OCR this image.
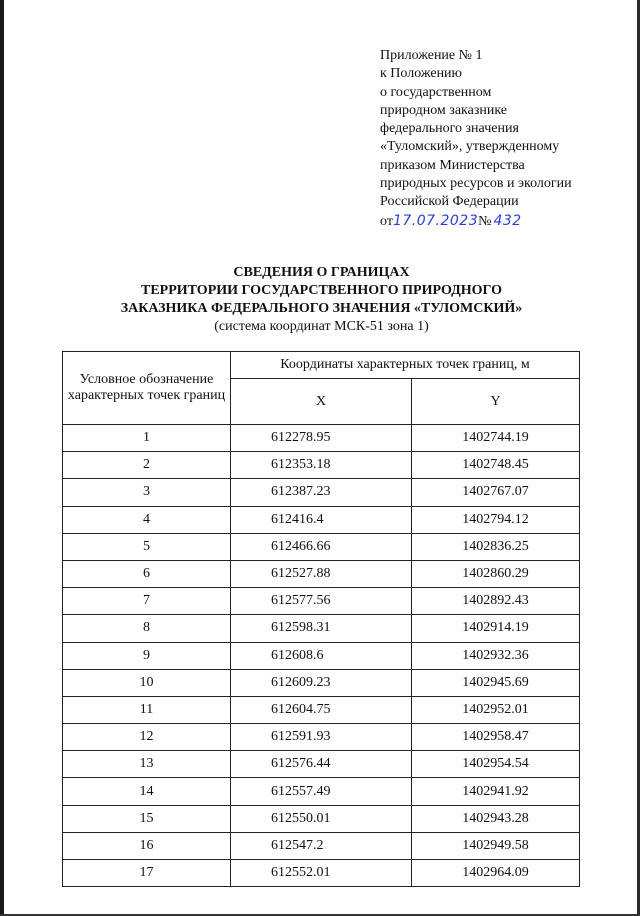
Приложение № 1
к Положению
о государственном
природном заказнике
федерального значения
«Туломский», утвержденному
приказом Министерства
природных ресурсов и экологии
Российской Федерации
от 17.07.2023 № 432
СВЕДЕНИЯ О ГРАНИЦАХ
ТЕРРИТОРИИ ГОСУДАРСТВЕННОГО ПРИРОДНОГО
ЗАКАЗНИКА ФЕДЕРАЛЬНОГО ЗНАЧЕНИЯ «ТУЛОМСКИЙ»
(система координат МСК-51 зона 1)
Условное обозначение характерных точек границ	Координаты характерных точек границ, м	
	X	Y
1	612278.95	1402744.19
2	612353.18	1402748.45
3	612387.23	1402767.07
4	612416.4	1402794.12
5	612466.66	1402836.25
6	612527.88	1402860.29
7	612577.56	1402892.43
8	612598.31	1402914.19
9	612608.6	1402932.36
10	612609.23	1402945.69
11	612604.75	1402952.01
12	612591.93	1402958.47
13	612576.44	1402954.54
14	612557.49	1402941.92
15	612550.01	1402943.28
16	612547.2	1402949.58
17	612552.01	1402964.09
